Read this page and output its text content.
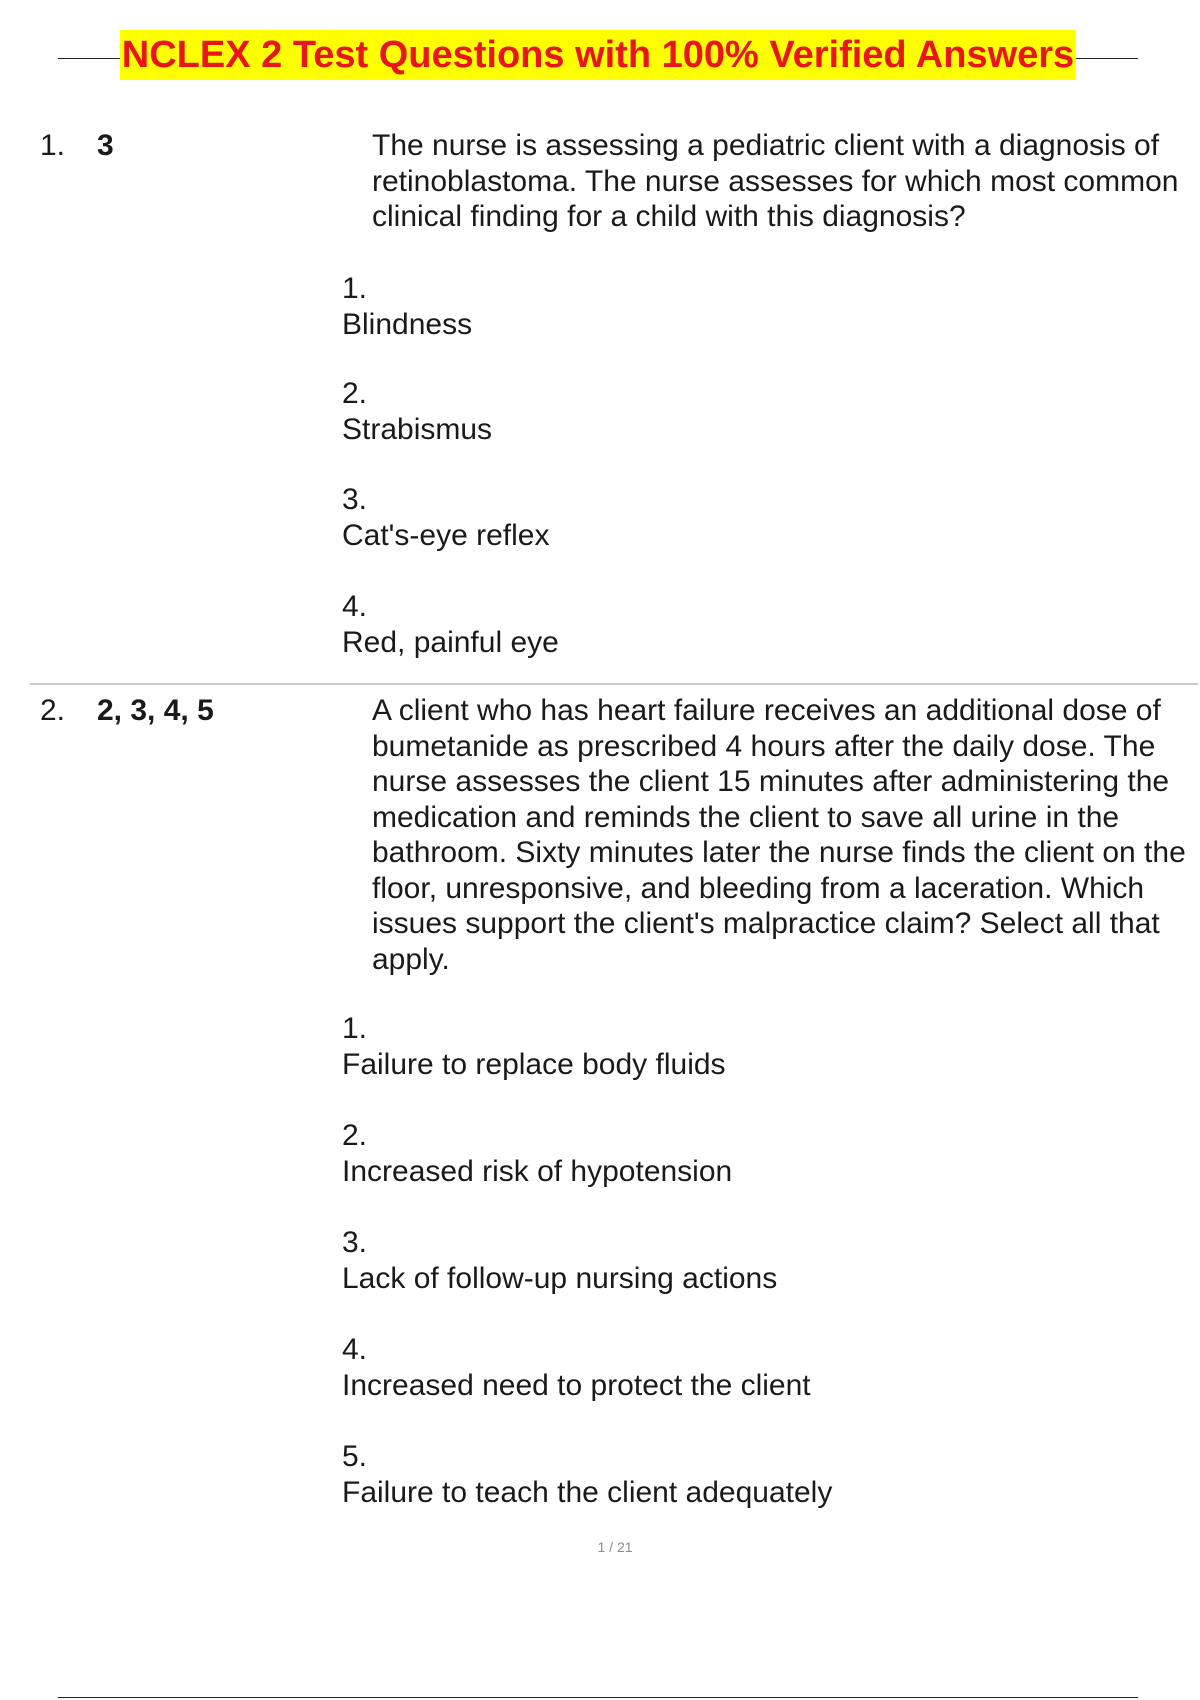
NCLEX 2 Test Questions with 100% Verified Answers
1. 3	The nurse is assessing a pediatric client with a diagnosis of retinoblastoma. The nurse assesses for which most common clinical finding for a child with this diagnosis?
1.
Blindness
2.
Strabismus
3.
Cat's-eye reflex
4.
Red, painful eye
2. 2, 3, 4, 5	A client who has heart failure receives an additional dose of bumetanide as prescribed 4 hours after the daily dose. The nurse assesses the client 15 minutes after administering the medication and reminds the client to save all urine in the bathroom. Sixty minutes later the nurse finds the client on the floor, unresponsive, and bleeding from a laceration. Which issues support the client's malpractice claim? Select all that apply.
1.
Failure to replace body fluids
2.
Increased risk of hypotension
3.
Lack of follow-up nursing actions
4.
Increased need to protect the client
5.
Failure to teach the client adequately
1 / 21
